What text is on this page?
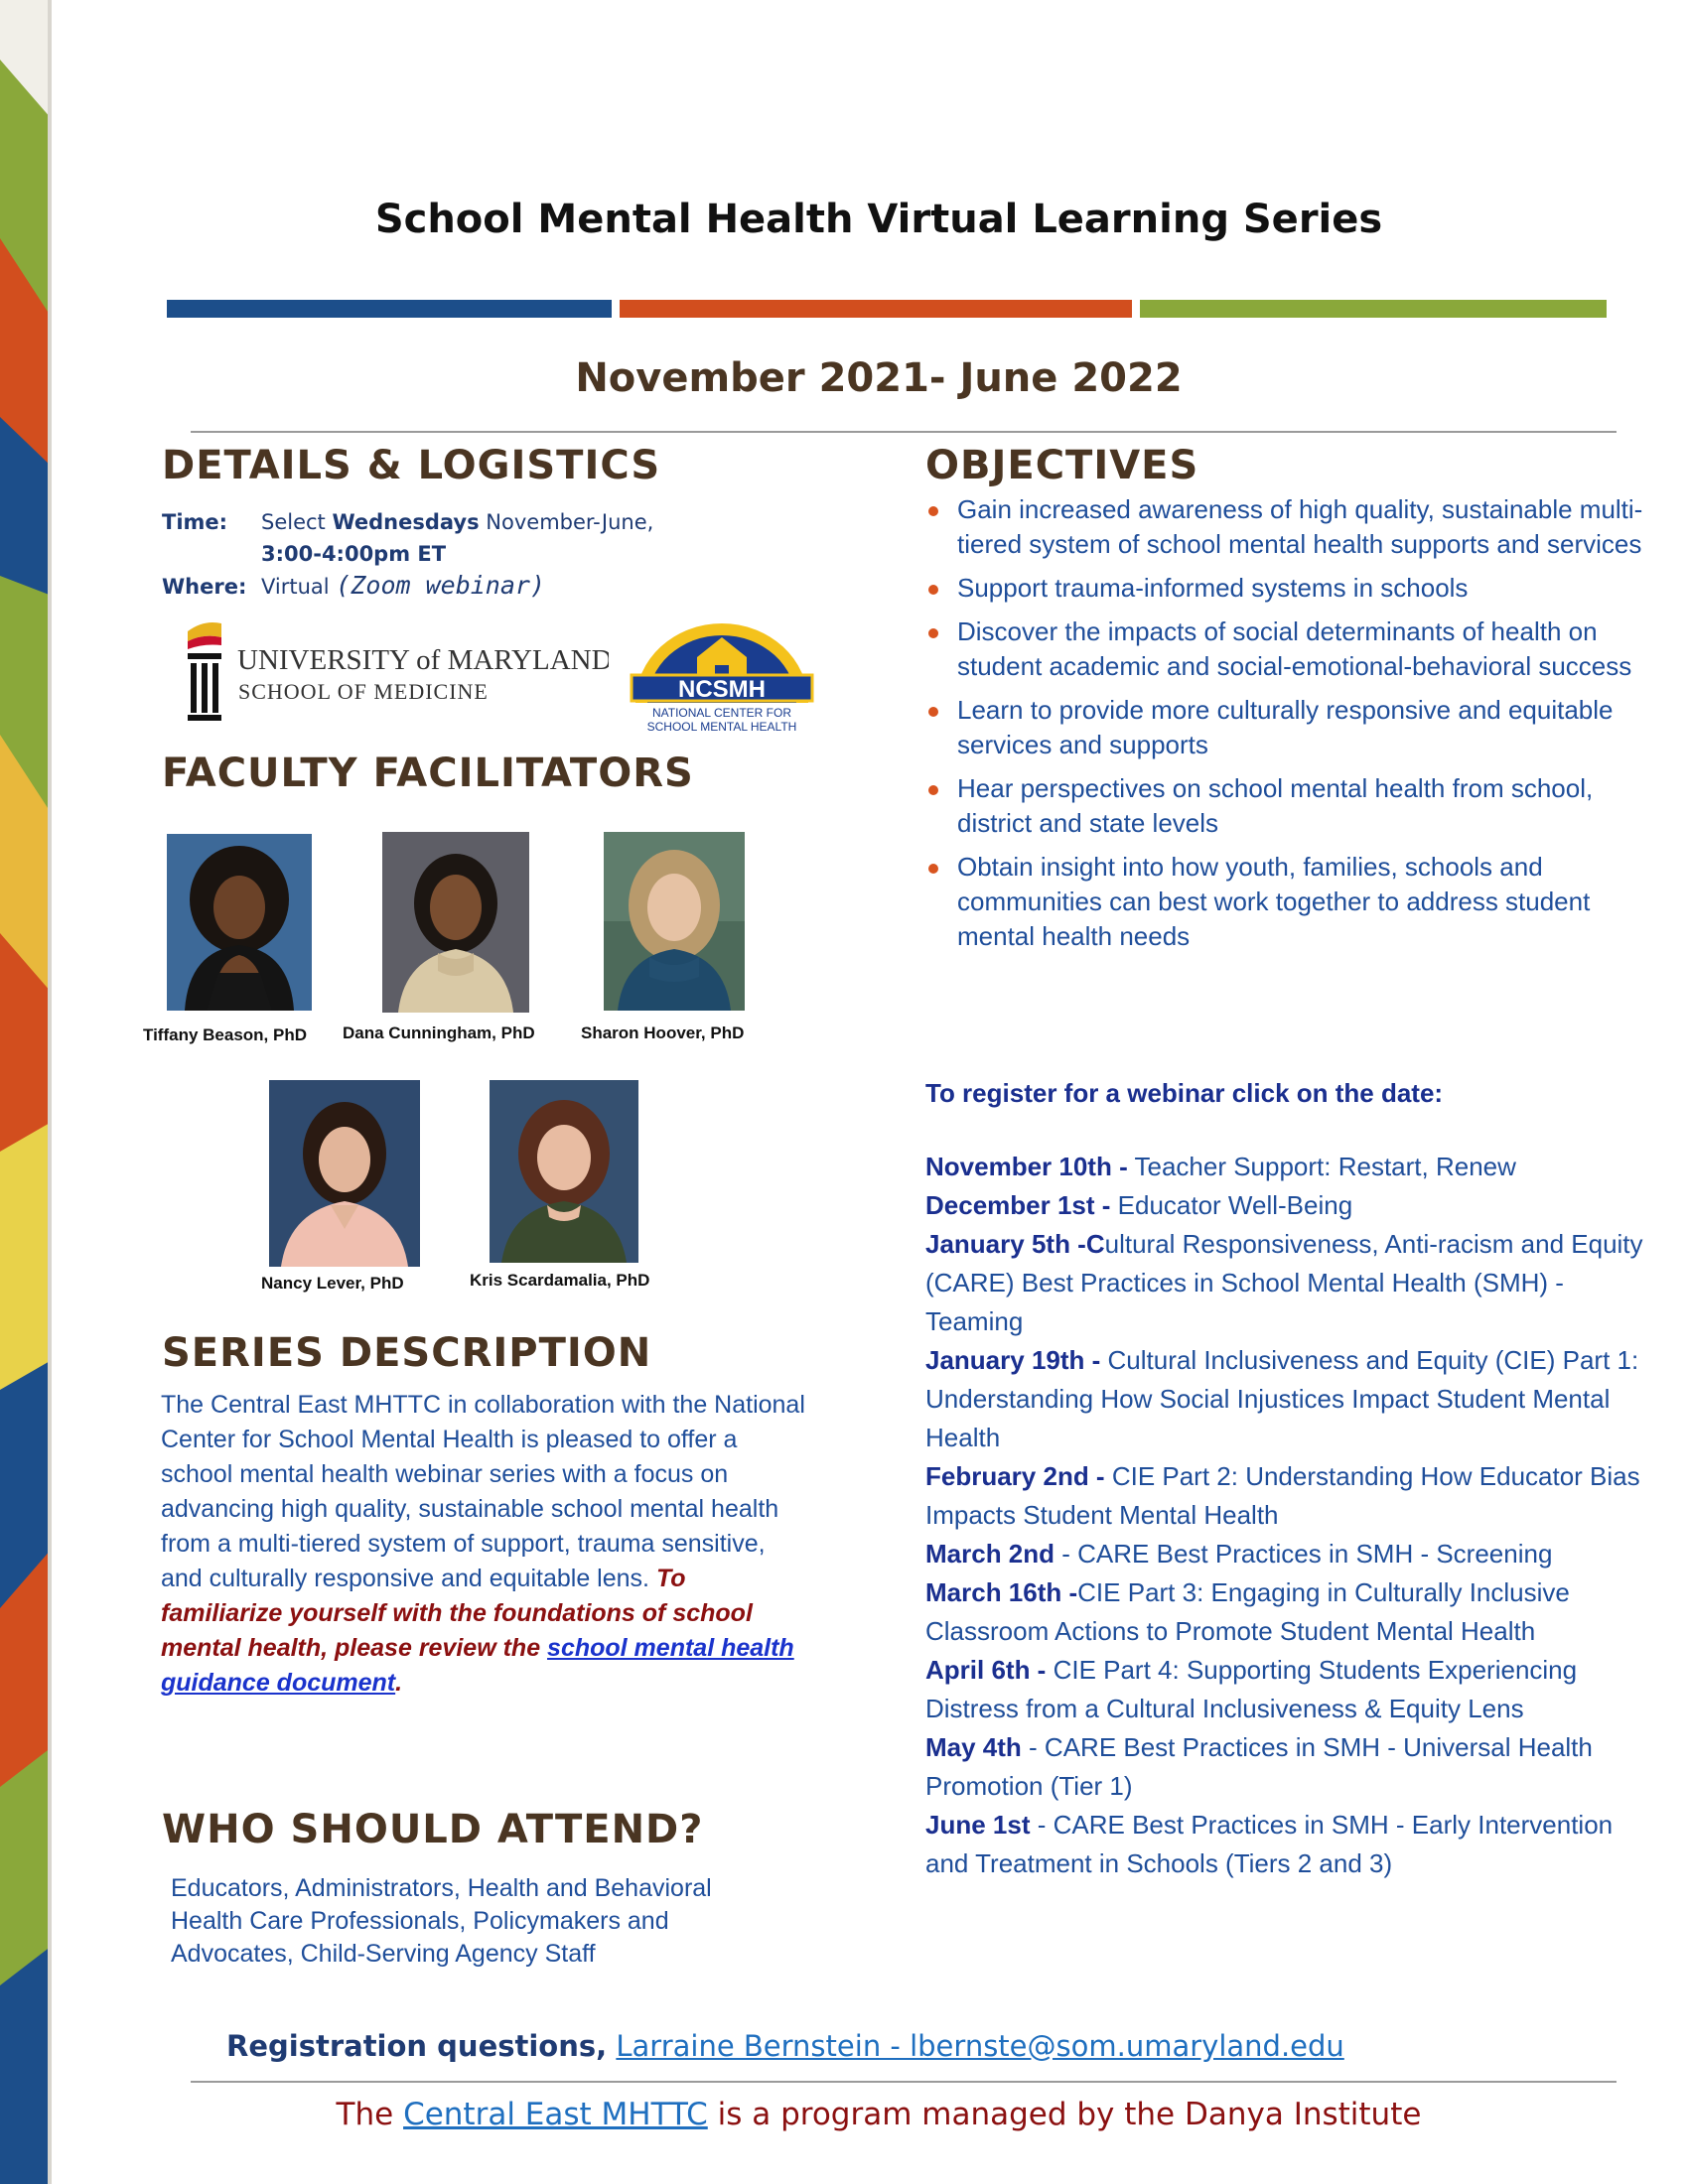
School Mental Health Virtual Learning Series
November 2021- June 2022
DETAILS & LOGISTICS
Time: Select Wednesdays November-June,
3:00-4:00pm ET
Where: Virtual (Zoom webinar)
UNIVERSITY of MARYLAND
SCHOOL OF MEDICINE	NCSMH
NATIONAL CENTER FOR
SCHOOL MENTAL HEALTH
FACULTY FACILITATORS
Tiffany Beason, PhD Dana Cunningham, PhD	Sharon Hoover, PhD
Nancy Lever, PhD	Kris Scardamalia, PhD
SERIES DESCRIPTION
The Central East MHTTC in collaboration with the National Center for School Mental Health is pleased to offer a school mental health webinar series with a focus on advancing high quality, sustainable school mental health from a multi-tiered system of support, trauma sensitive, and culturally responsive and equitable lens. To familiarize yourself with the foundations of school mental health, please review the school mental health guidance document.
WHO SHOULD ATTEND?
Educators, Administrators, Health and Behavioral Health Care Professionals, Policymakers and Advocates, Child-Serving Agency Staff
OBJECTIVES
Gain increased awareness of high quality, sustainable multi-tiered system of school mental health supports and services
Support trauma-informed systems in schools
Discover the impacts of social determinants of health on student academic and social-emotional-behavioral success
Learn to provide more culturally responsive and equitable services and supports
Hear perspectives on school mental health from school, district and state levels
Obtain insight into how youth, families, schools and communities can best work together to address student mental health needs
To register for a webinar click on the date:
November 10th - Teacher Support: Restart, Renew
December 1st - Educator Well-Being
January 5th -Cultural Responsiveness, Anti-racism and Equity (CARE) Best Practices in School Mental Health (SMH) - Teaming
January 19th - Cultural Inclusiveness and Equity (CIE) Part 1: Understanding How Social Injustices Impact Student Mental Health
February 2nd - CIE Part 2: Understanding How Educator Bias Impacts Student Mental Health
March 2nd - CARE Best Practices in SMH - Screening
March 16th -CIE Part 3: Engaging in Culturally Inclusive Classroom Actions to Promote Student Mental Health
April 6th - CIE Part 4: Supporting Students Experiencing Distress from a Cultural Inclusiveness & Equity Lens
May 4th - CARE Best Practices in SMH - Universal Health Promotion (Tier 1)
June 1st - CARE Best Practices in SMH - Early Intervention and Treatment in Schools (Tiers 2 and 3)
Registration questions, Larraine Bernstein - lbernste@som.umaryland.edu
The Central East MHTTC is a program managed by the Danya Institute
